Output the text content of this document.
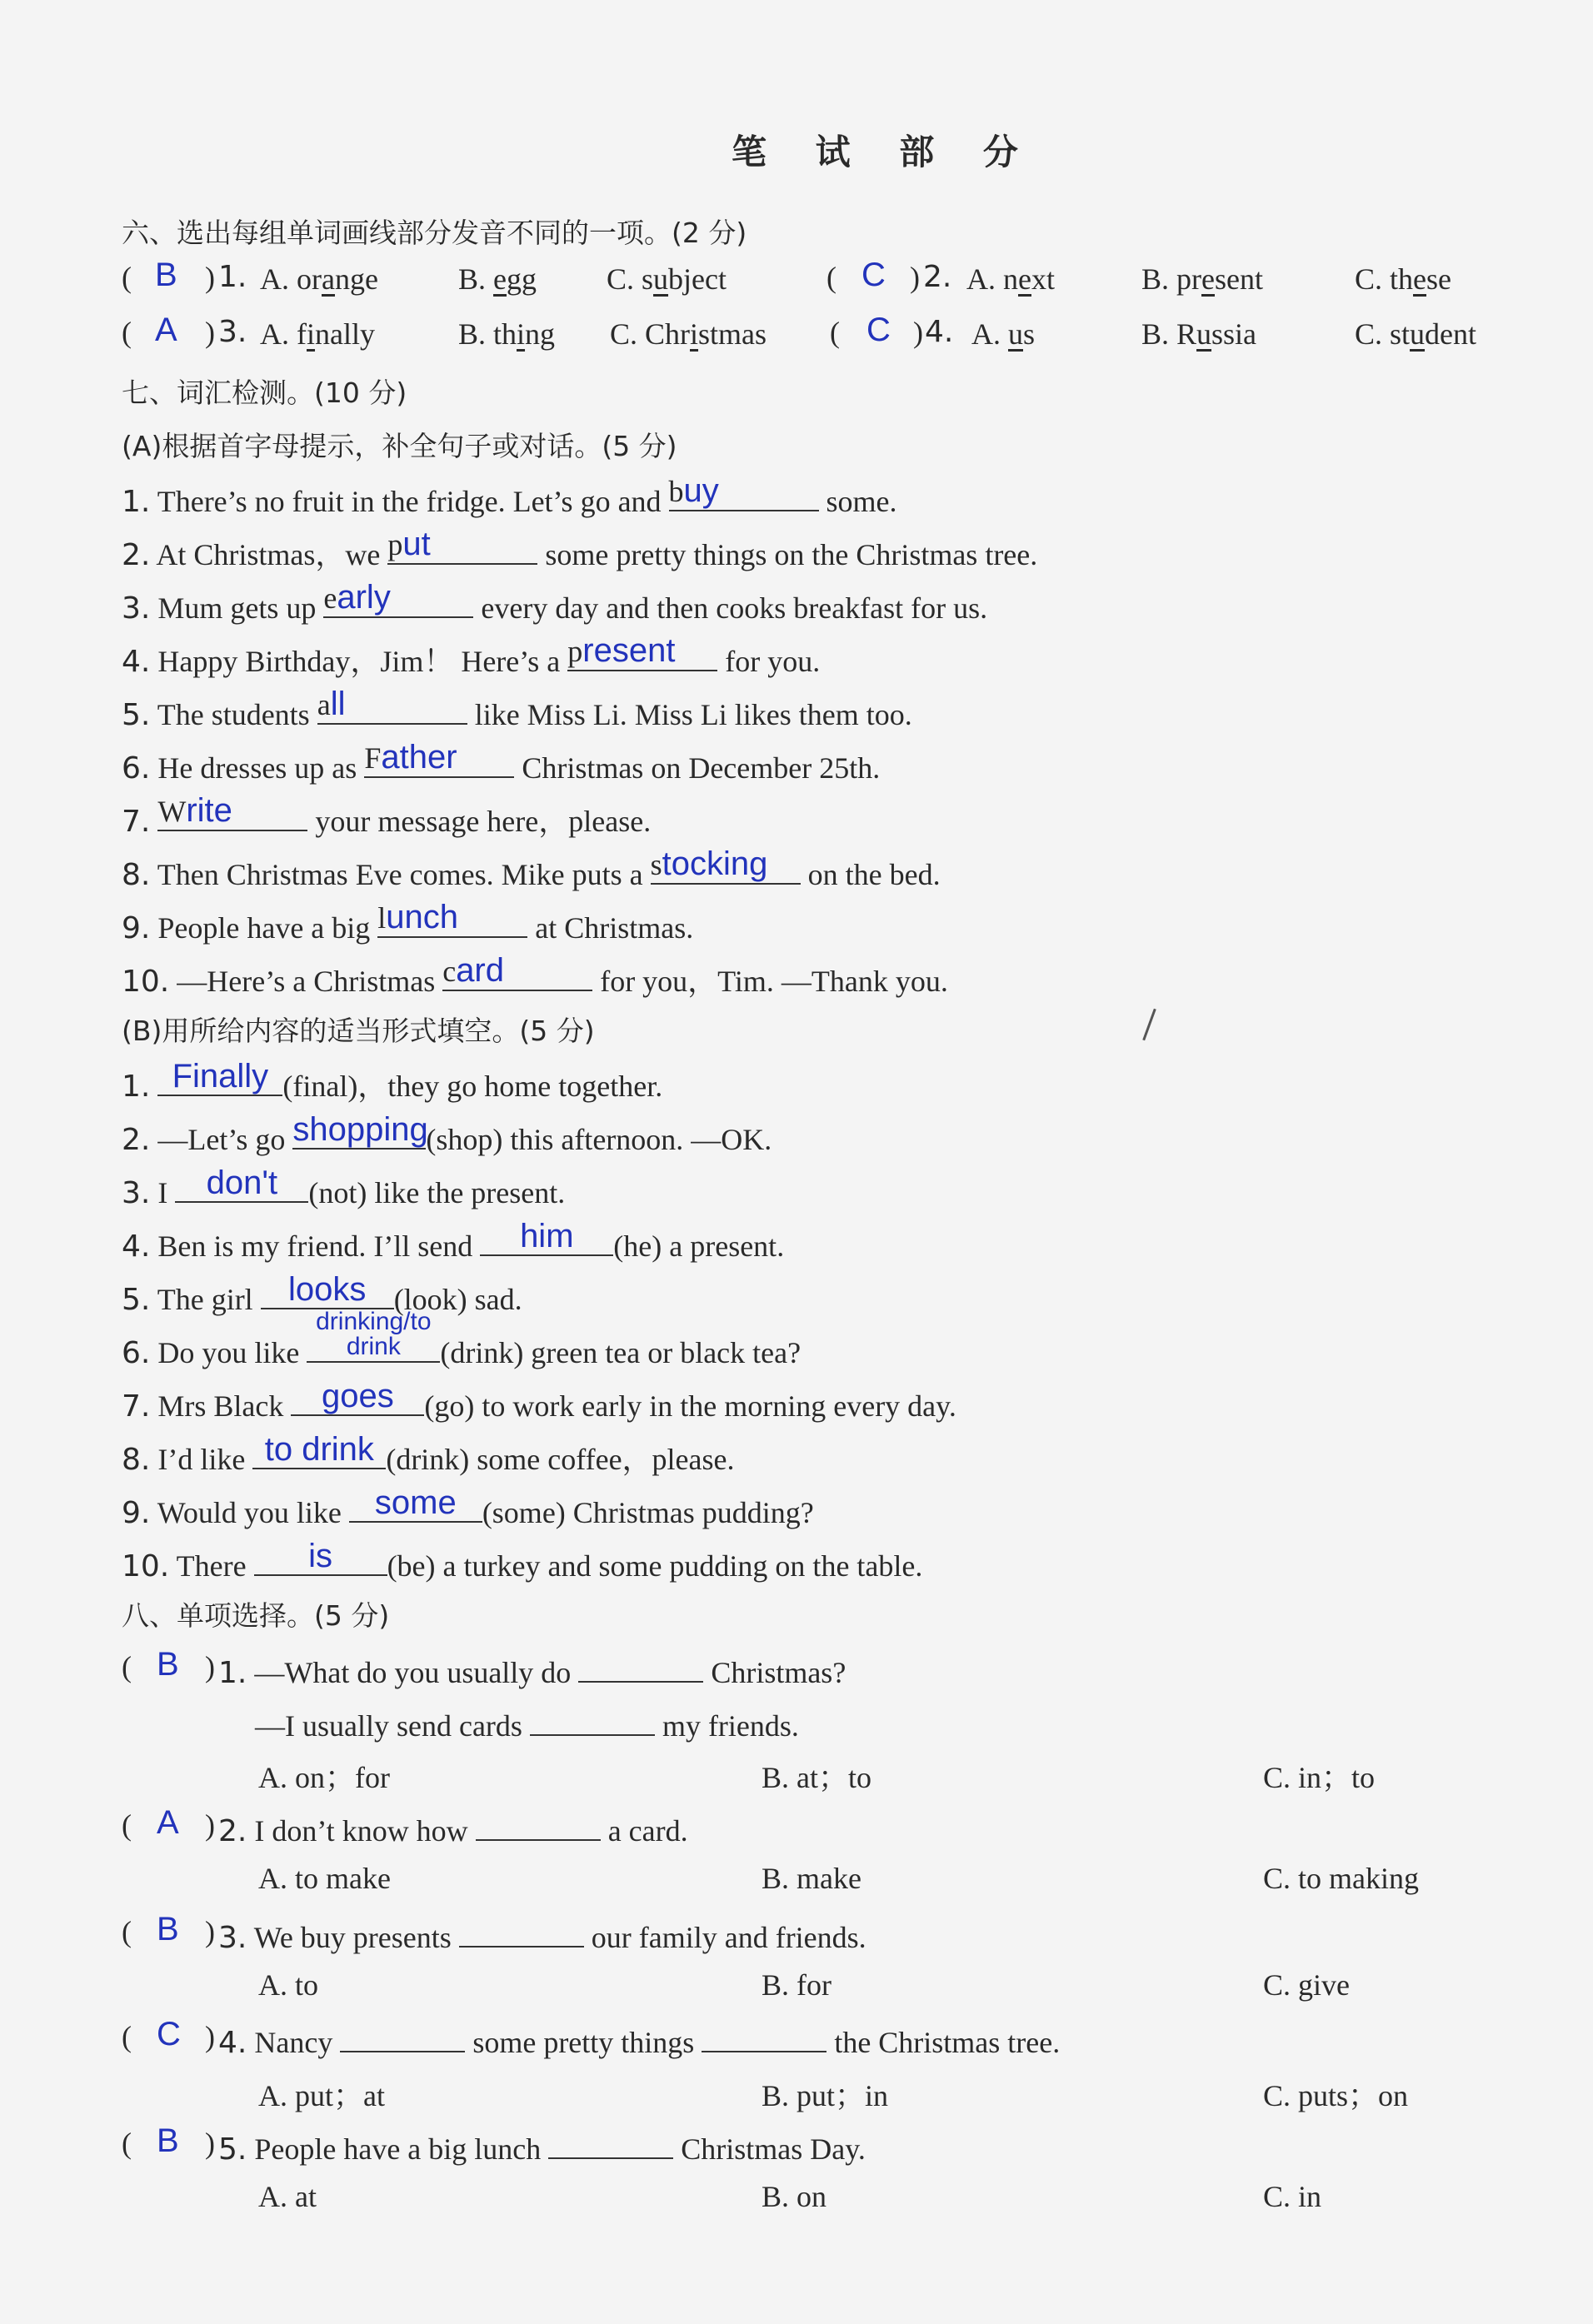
笔 试 部 分
六、选出每组单词画线部分发音不同的一项。(2 分)
( B ) 1. A. orange	B. egg C. subject	( C ) 2. A. next	B. present	C. these
( A ) 3. A. finally	B. thing C. Christmas ( C ) 4. A. us	B. Russia	C. student
七、词汇检测。(10 分)
(A)根据首字母提示，补全句子或对话。(5 分)
1. There’s no fruit in the fridge. Let’s go and buy	some.
2. At Christmas，we put	some pretty things on the Christmas tree.
3. Mum gets up early	every day and then cooks breakfast for us.
4. Happy Birthday，Jim！ Here’s a present	for you.
5. The students all	like Miss Li. Miss Li likes them too.
6. He dresses up as Father	Christmas on December 25th.
7. Write	your message here，please.
8. Then Christmas Eve comes. Mike puts a stocking	on the bed.
9. People have a big lunch	at Christmas.
10. —Here’s a Christmas card	for you，Tim. —Thank you.
(B)用所给内容的适当形式填空。(5 分)
1. Finally (final)，they go home together.
2. —Let’s go shopping
(shop) this afternoon. —OK.
3. I	don't	(not) like the present.
4. Ben is my friend. I’ll send	him	(he) a present.
5. The girl	looks (look) sad.
6. Do you like
drinking/to drink	(drink) green tea or black tea?
7. Mrs Black	goes	(go) to work early in the morning every day.
8. I’d like to drink (drink) some coffee，please.
9. Would you like	some (some) Christmas pudding?
10. There	is	(be) a turkey and some pudding on the table.
八、单项选择。(5 分)
( B ) 1. —What do you usually do	Christmas?
—I usually send cards	my friends.
A. on；for	B. at；to	C. in；to
( A ) 2. I don’t know how	a card.
A. to make	B. make	C. to making
( B ) 3. We buy presents	our family and friends.
A. to	B. for	C. give
( C ) 4. Nancy	some pretty things	the Christmas tree.
A. put；at	B. put；in	C. puts；on
( B ) 5. People have a big lunch	Christmas Day.
A. at	B. on	C. in
